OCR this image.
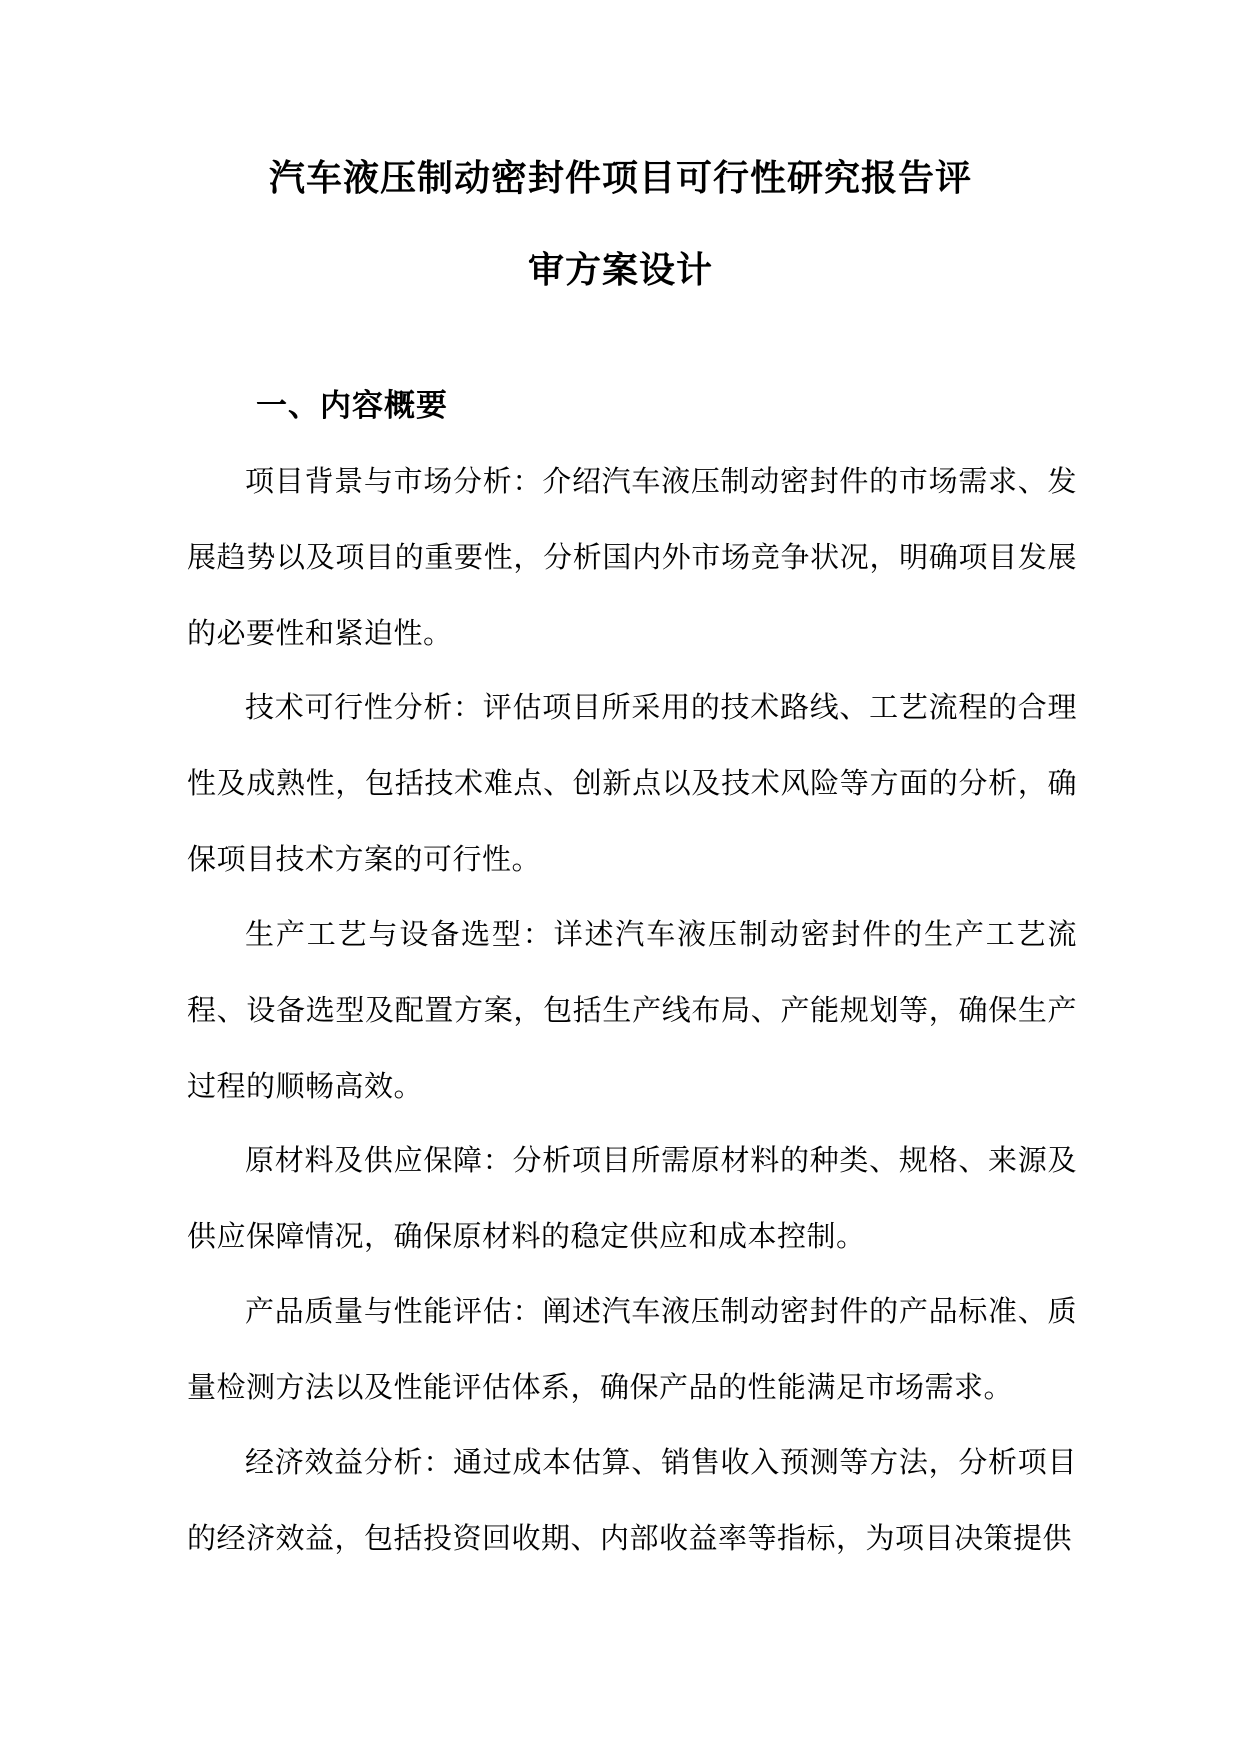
汽车液压制动密封件项目可行性研究报告评
审方案设计
一、内容概要

项目背景与市场分析：介绍汽车液压制动密封件的市场需求、发展趋势以及项目的重要性，分析国内外市场竞争状况，明确项目发展的必要性和紧迫性。

技术可行性分析：评估项目所采用的技术路线、工艺流程的合理性及成熟性，包括技术难点、创新点以及技术风险等方面的分析，确保项目技术方案的可行性。

生产工艺与设备选型：详述汽车液压制动密封件的生产工艺流程、设备选型及配置方案，包括生产线布局、产能规划等，确保生产过程的顺畅高效。

原材料及供应保障：分析项目所需原材料的种类、规格、来源及供应保障情况，确保原材料的稳定供应和成本控制。

产品质量与性能评估：阐述汽车液压制动密封件的产品标准、质量检测方法以及性能评估体系，确保产品的性能满足市场需求。

经济效益分析：通过成本估算、销售收入预测等方法，分析项目的经济效益，包括投资回收期、内部收益率等指标，为项目决策提供
